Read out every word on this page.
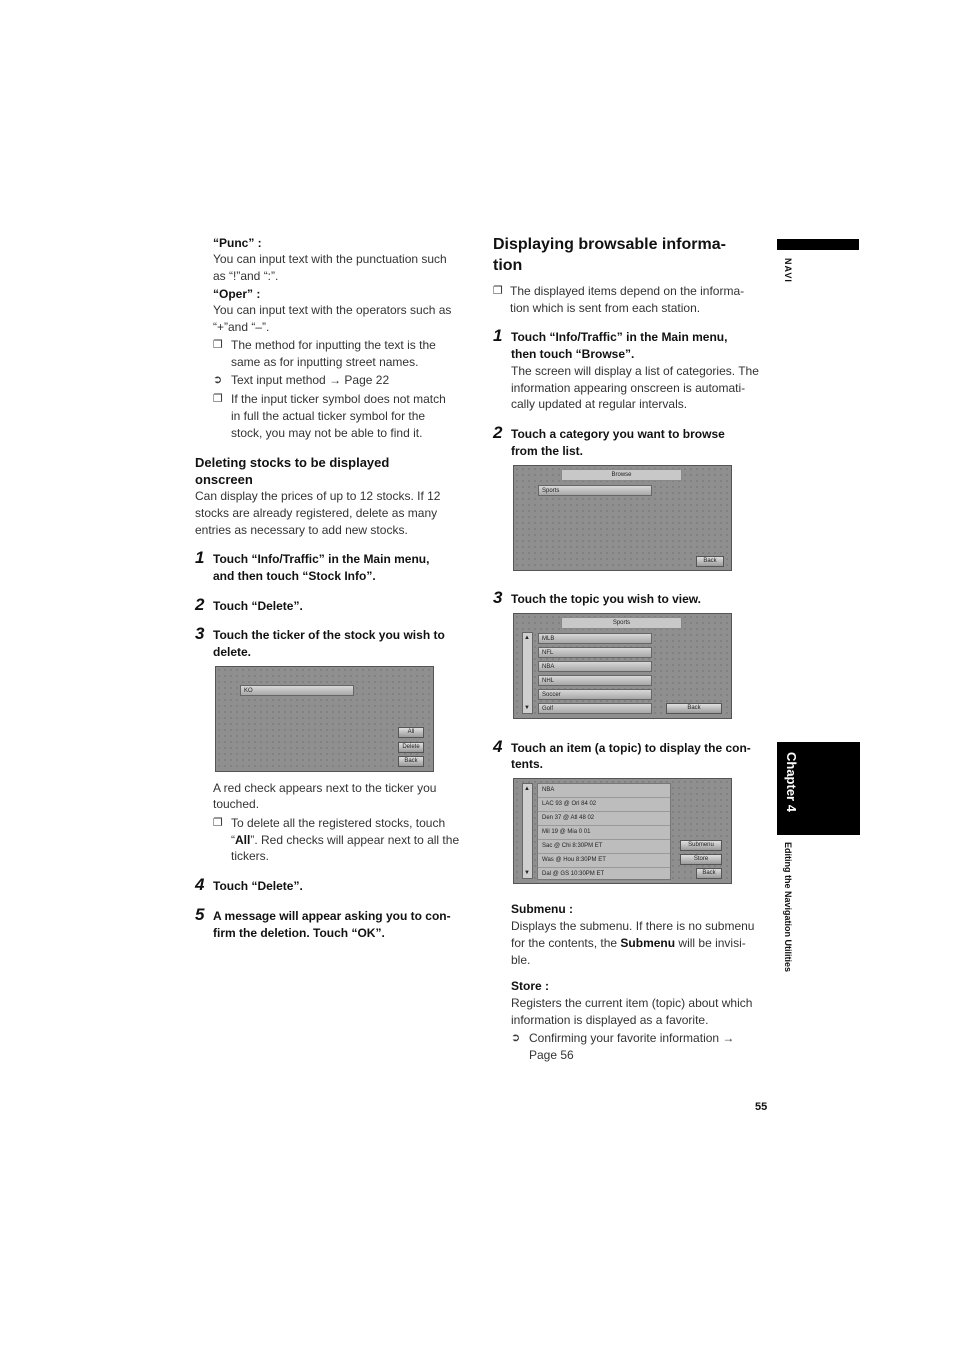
“Punc” :
You can input text with the punctuation such
as “!”and “:”.
“Oper” :
You can input text with the operators such as
“+”and “–”.
❐ The method for inputting the text is the
same as for inputting street names.
➲ Text input method → Page 22
❐ If the input ticker symbol does not match
in full the actual ticker symbol for the
stock, you may not be able to find it.
Deleting stocks to be displayed
onscreen
Can display the prices of up to 12 stocks. If 12
stocks are already registered, delete as many
entries as necessary to add new stocks.
1 Touch “Info/Traffic” in the Main menu,
and then touch “Stock Info”.
2 Touch “Delete”.
3 Touch the ticker of the stock you wish to
delete.
KO
All
Delete
Back
A red check appears next to the ticker you
touched.
❐ To delete all the registered stocks, touch
“All”. Red checks will appear next to all the
tickers.
4 Touch “Delete”.
5 A message will appear asking you to con-
firm the deletion. Touch “OK”.
Displaying browsable informa-
tion
❐ The displayed items depend on the informa-
tion which is sent from each station.
1 Touch “Info/Traffic” in the Main menu,
then touch “Browse”.
The screen will display a list of categories. The
information appearing onscreen is automati-
cally updated at regular intervals.
2 Touch a category you want to browse
from the list.
Browse
Sports
Back
3 Touch the topic you wish to view.
Sports
▲
▼
MLB
NFL
NBA
NHL
Soccer
Golf	Back
4 Touch an item (a topic) to display the con-
tents.
▲
▼
NBA
LAC 93 @ Orl 84 02
Den 37 @ Atl 48 02
Mil 19 @ Mia 0 01
Sac @ Chi 8:30PM ET
Was @ Hou 8:30PM ET
Dal @ GS 10:30PM ET
Submenu
Store
Back
Submenu :
Displays the submenu. If there is no submenu
for the contents, the Submenu will be invisi-
ble.
Store :
Registers the current item (topic) about which
information is displayed as a favorite.
➲ Confirming your favorite information →
Page 56
NAVI
Chapter 4
Editing the Navigation Utilities
55
